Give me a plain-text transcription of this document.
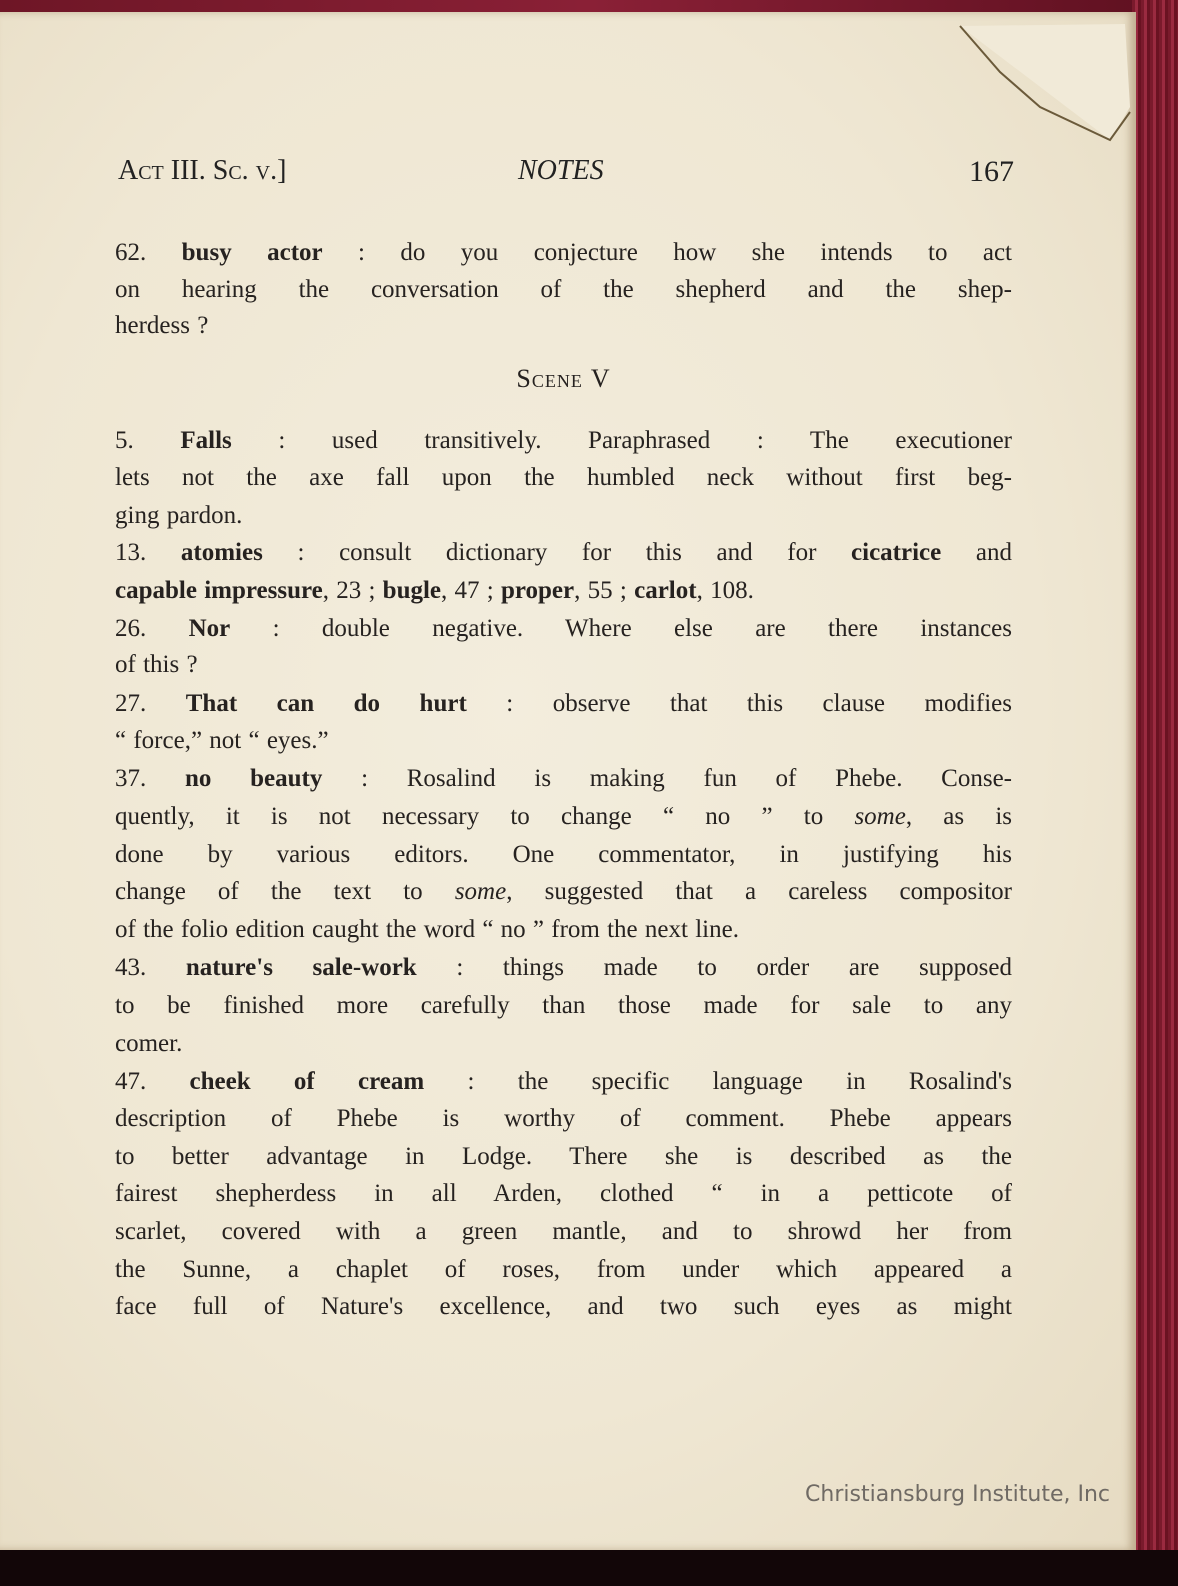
Act III. Sc. v.]	NOTES	167
62. busy actor : do you conjecture how she intends to act
on hearing the conversation of the shepherd and the shep-
herdess ?
Scene V
5. Falls : used transitively. Paraphrased : The executioner
lets not the axe fall upon the humbled neck without first beg-
ging pardon.
13. atomies : consult dictionary for this and for cicatrice and
capable impressure, 23 ; bugle, 47 ; proper, 55 ; carlot, 108.
26. Nor : double negative. Where else are there instances
of this ?
27. That can do hurt : observe that this clause modifies
“ force,” not “ eyes.”
37. no beauty : Rosalind is making fun of Phebe. Conse-
quently, it is not necessary to change “ no ” to some, as is
done by various editors. One commentator, in justifying his
change of the text to some, suggested that a careless compositor
of the folio edition caught the word “ no ” from the next line.
43. nature's sale-work : things made to order are supposed
to be finished more carefully than those made for sale to any
comer.
47. cheek of cream : the specific language in Rosalind's
description of Phebe is worthy of comment. Phebe appears
to better advantage in Lodge. There she is described as the
fairest shepherdess in all Arden, clothed “ in a petticote of
scarlet, covered with a green mantle, and to shrowd her from
the Sunne, a chaplet of roses, from under which appeared a
face full of Nature's excellence, and two such eyes as might
Christiansburg Institute, Inc
